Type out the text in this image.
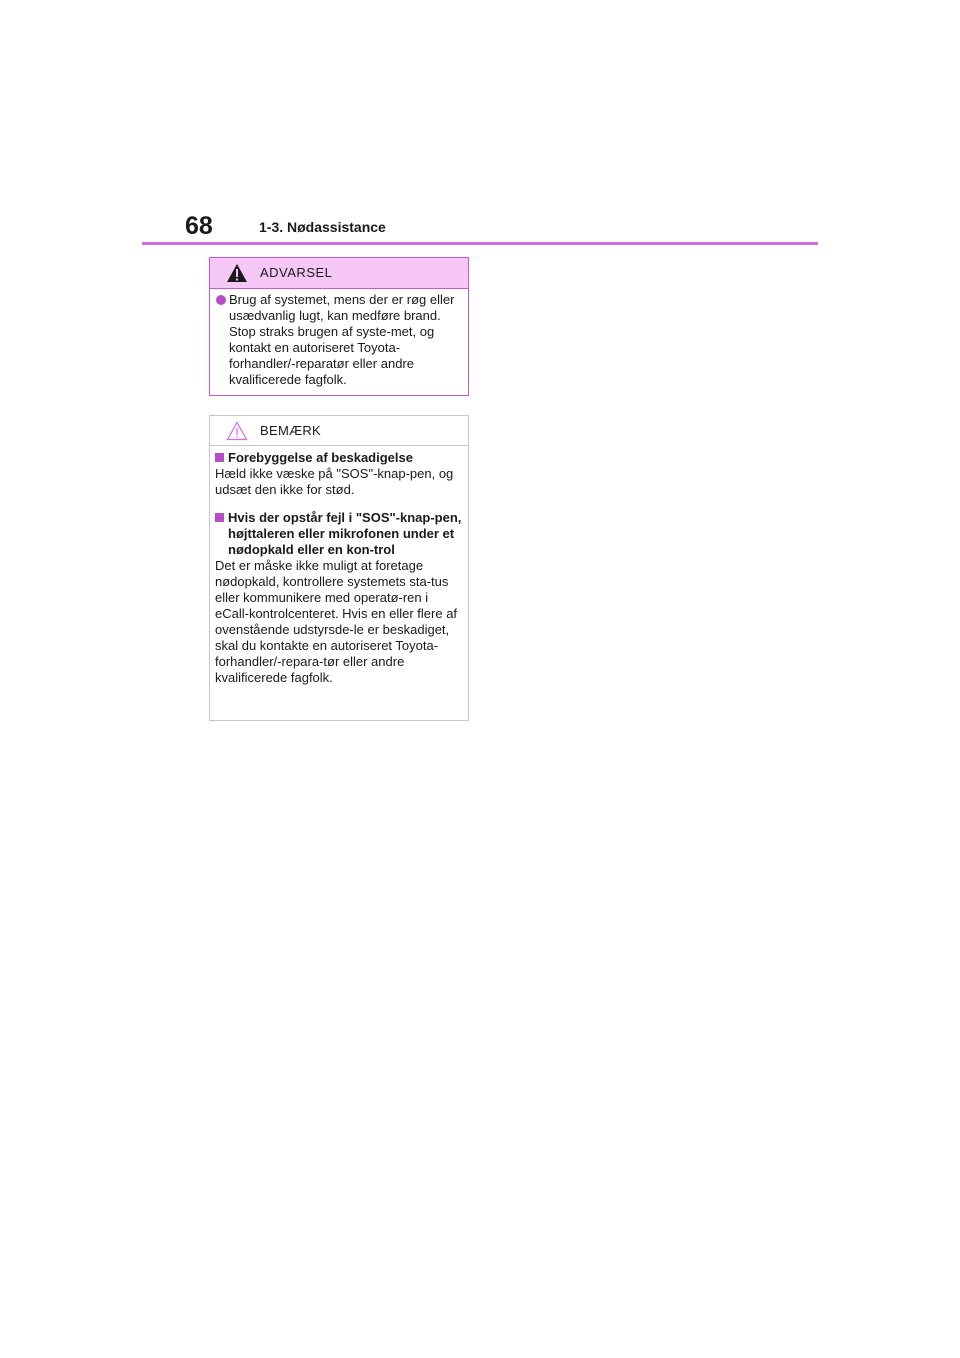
68	1-3. Nødassistance
ADVARSEL
Brug af systemet, mens der er røg eller usædvanlig lugt, kan medføre brand. Stop straks brugen af syste-met, og kontakt en autoriseret Toyota-forhandler/-reparatør eller andre kvalificerede fagfolk.
BEMÆRK
Forebyggelse af beskadigelse
Hæld ikke væske på "SOS"-knap-pen, og udsæt den ikke for stød.
Hvis der opstår fejl i "SOS"-knap-pen, højttaleren eller mikrofonen under et nødopkald eller en kon-trol
Det er måske ikke muligt at foretage nødopkald, kontrollere systemets sta-tus eller kommunikere med operatø-ren i eCall-kontrolcenteret. Hvis en eller flere af ovenstående udstyrsde-le er beskadiget, skal du kontakte en autoriseret Toyota-forhandler/-repara-tør eller andre kvalificerede fagfolk.
